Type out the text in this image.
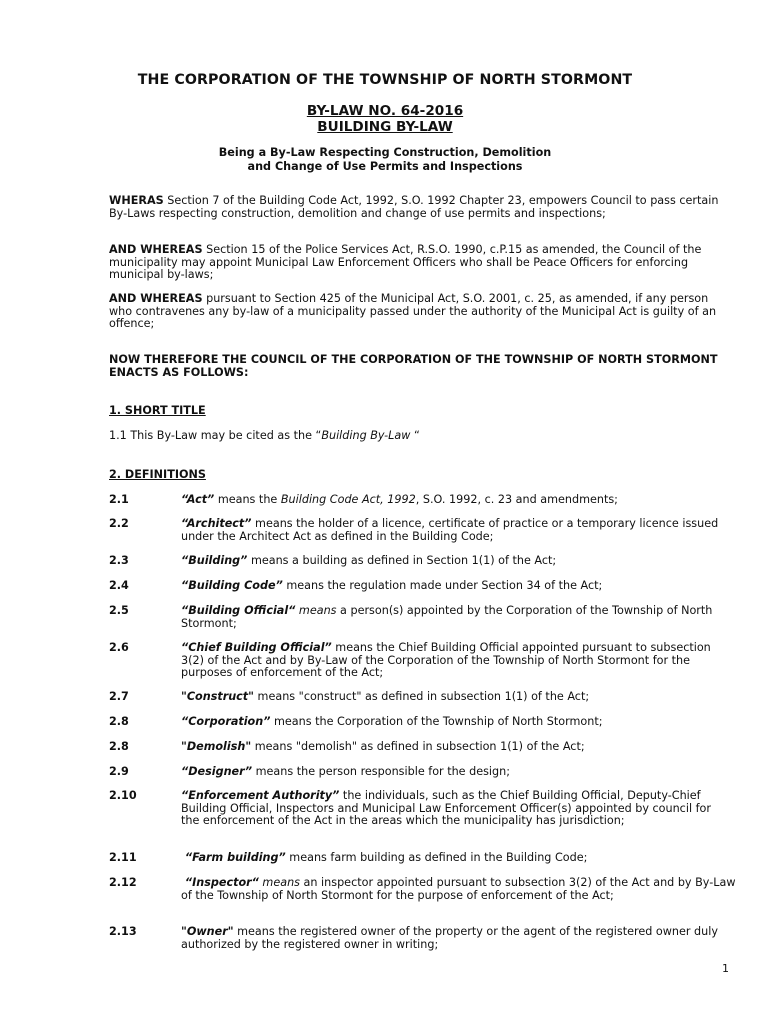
THE CORPORATION OF THE TOWNSHIP OF NORTH STORMONT
BY-LAW NO. 64-2016
BUILDING BY-LAW
Being a By-Law Respecting Construction, Demolition
and Change of Use Permits and Inspections
WHERAS Section 7 of the Building Code Act, 1992, S.O. 1992 Chapter 23, empowers Council to pass certain By-Laws respecting construction, demolition and change of use permits and inspections;
AND WHEREAS Section 15 of the Police Services Act, R.S.O. 1990, c.P.15 as amended, the Council of the municipality may appoint Municipal Law Enforcement Officers who shall be Peace Officers for enforcing municipal by-laws;
AND WHEREAS pursuant to Section 425 of the Municipal Act, S.O. 2001, c. 25, as amended, if any person who contravenes any by-law of a municipality passed under the authority of the Municipal Act is guilty of an offence;
NOW THEREFORE THE COUNCIL OF THE CORPORATION OF THE TOWNSHIP OF NORTH STORMONT ENACTS AS FOLLOWS:
1. SHORT TITLE
1.1 This By-Law may be cited as the “Building By-Law “
2. DEFINITIONS
2.1	“Act” means the Building Code Act, 1992, S.O. 1992, c. 23 and amendments;
2.2	“Architect” means the holder of a licence, certificate of practice or a temporary licence issued under the Architect Act as defined in the Building Code;
2.3	“Building” means a building as defined in Section 1(1) of the Act;
2.4	“Building Code” means the regulation made under Section 34 of the Act;
2.5	“Building Official“ means a person(s) appointed by the Corporation of the Township of North Stormont;
2.6	“Chief Building Official” means the Chief Building Official appointed pursuant to subsection 3(2) of the Act and by By-Law of the Corporation of the Township of North Stormont for the purposes of enforcement of the Act;
2.7	"Construct" means "construct" as defined in subsection 1(1) of the Act;
2.8	“Corporation” means the Corporation of the Township of North Stormont;
2.8	"Demolish" means "demolish" as defined in subsection 1(1) of the Act;
2.9	“Designer” means the person responsible for the design;
2.10	“Enforcement Authority” the individuals, such as the Chief Building Official, Deputy-Chief Building Official, Inspectors and Municipal Law Enforcement Officer(s) appointed by council for the enforcement of the Act in the areas which the municipality has jurisdiction;
2.11	“Farm building” means farm building as defined in the Building Code;
2.12	“Inspector“ means an inspector appointed pursuant to subsection 3(2) of the Act and by By-Law of the Township of North Stormont for the purpose of enforcement of the Act;
2.13	"Owner" means the registered owner of the property or the agent of the registered owner duly authorized by the registered owner in writing;
1
